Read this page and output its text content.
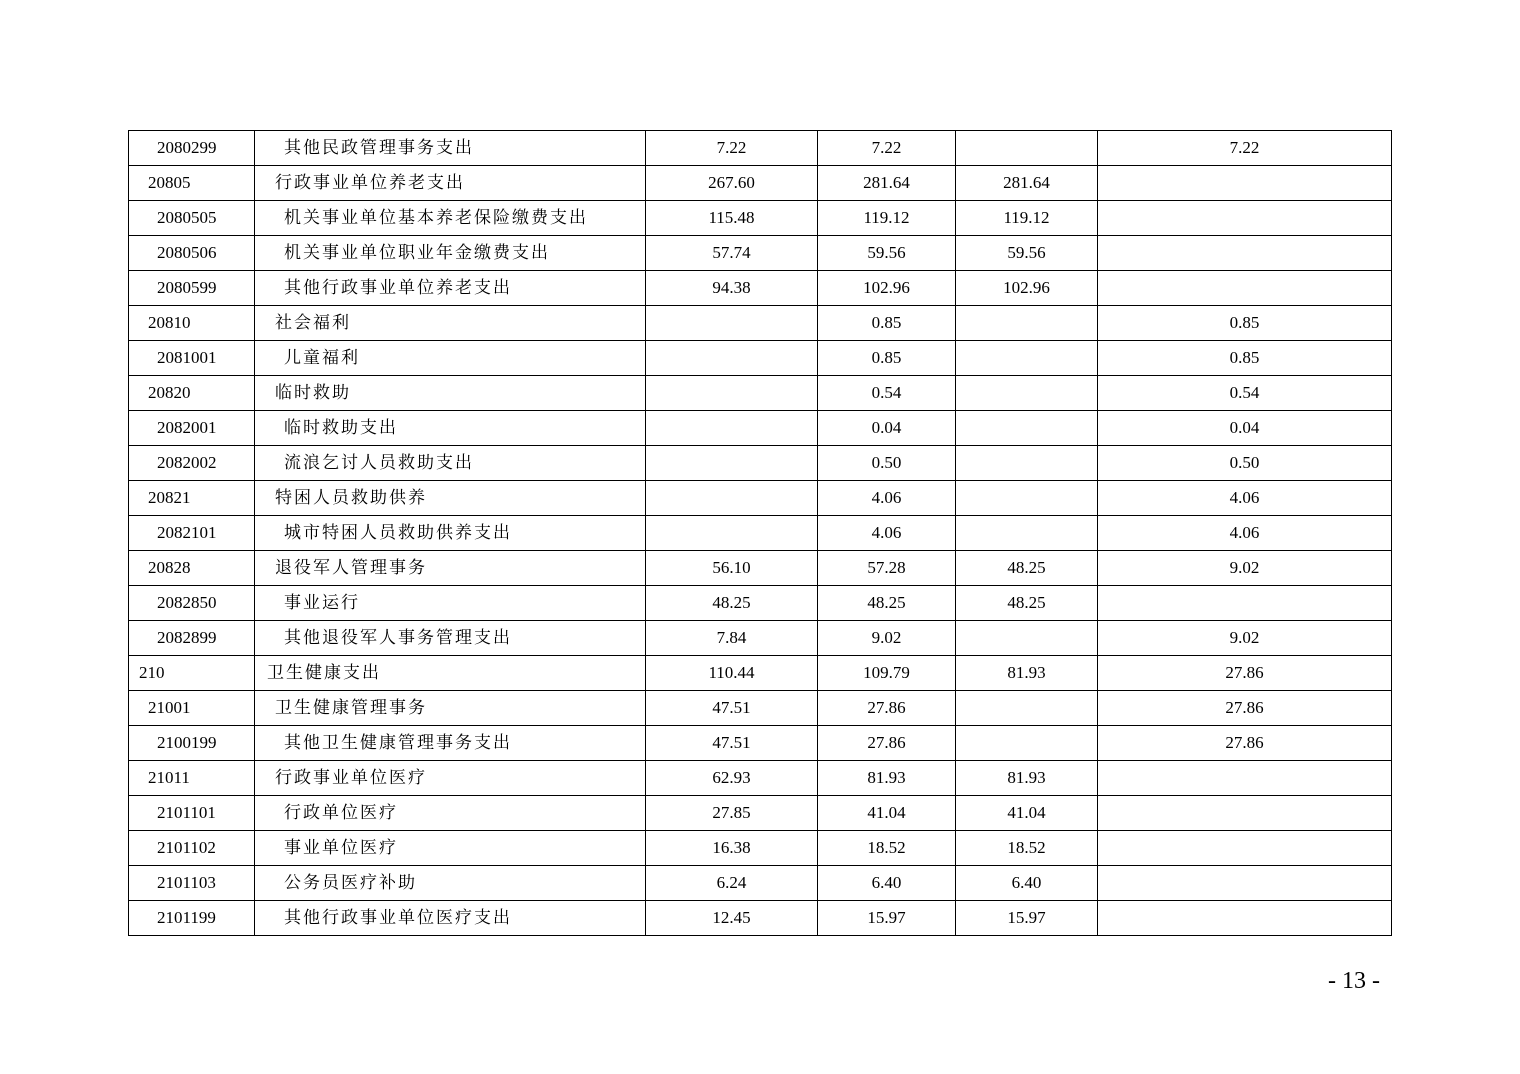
2080299	其他民政管理事务支出	7.22	7.22		7.22
20805	行政事业单位养老支出	267.60	281.64	281.64	
2080505	机关事业单位基本养老保险缴费支出	115.48	119.12	119.12	
2080506	机关事业单位职业年金缴费支出	57.74	59.56	59.56	
2080599	其他行政事业单位养老支出	94.38	102.96	102.96	
20810	社会福利		0.85		0.85
2081001	儿童福利		0.85		0.85
20820	临时救助		0.54		0.54
2082001	临时救助支出		0.04		0.04
2082002	流浪乞讨人员救助支出		0.50		0.50
20821	特困人员救助供养		4.06		4.06
2082101	城市特困人员救助供养支出		4.06		4.06
20828	退役军人管理事务	56.10	57.28	48.25	9.02
2082850	事业运行	48.25	48.25	48.25	
2082899	其他退役军人事务管理支出	7.84	9.02		9.02
210	卫生健康支出	110.44	109.79	81.93	27.86
21001	卫生健康管理事务	47.51	27.86		27.86
2100199	其他卫生健康管理事务支出	47.51	27.86		27.86
21011	行政事业单位医疗	62.93	81.93	81.93	
2101101	行政单位医疗	27.85	41.04	41.04	
2101102	事业单位医疗	16.38	18.52	18.52	
2101103	公务员医疗补助	6.24	6.40	6.40	
2101199	其他行政事业单位医疗支出	12.45	15.97	15.97	
- 13 -
